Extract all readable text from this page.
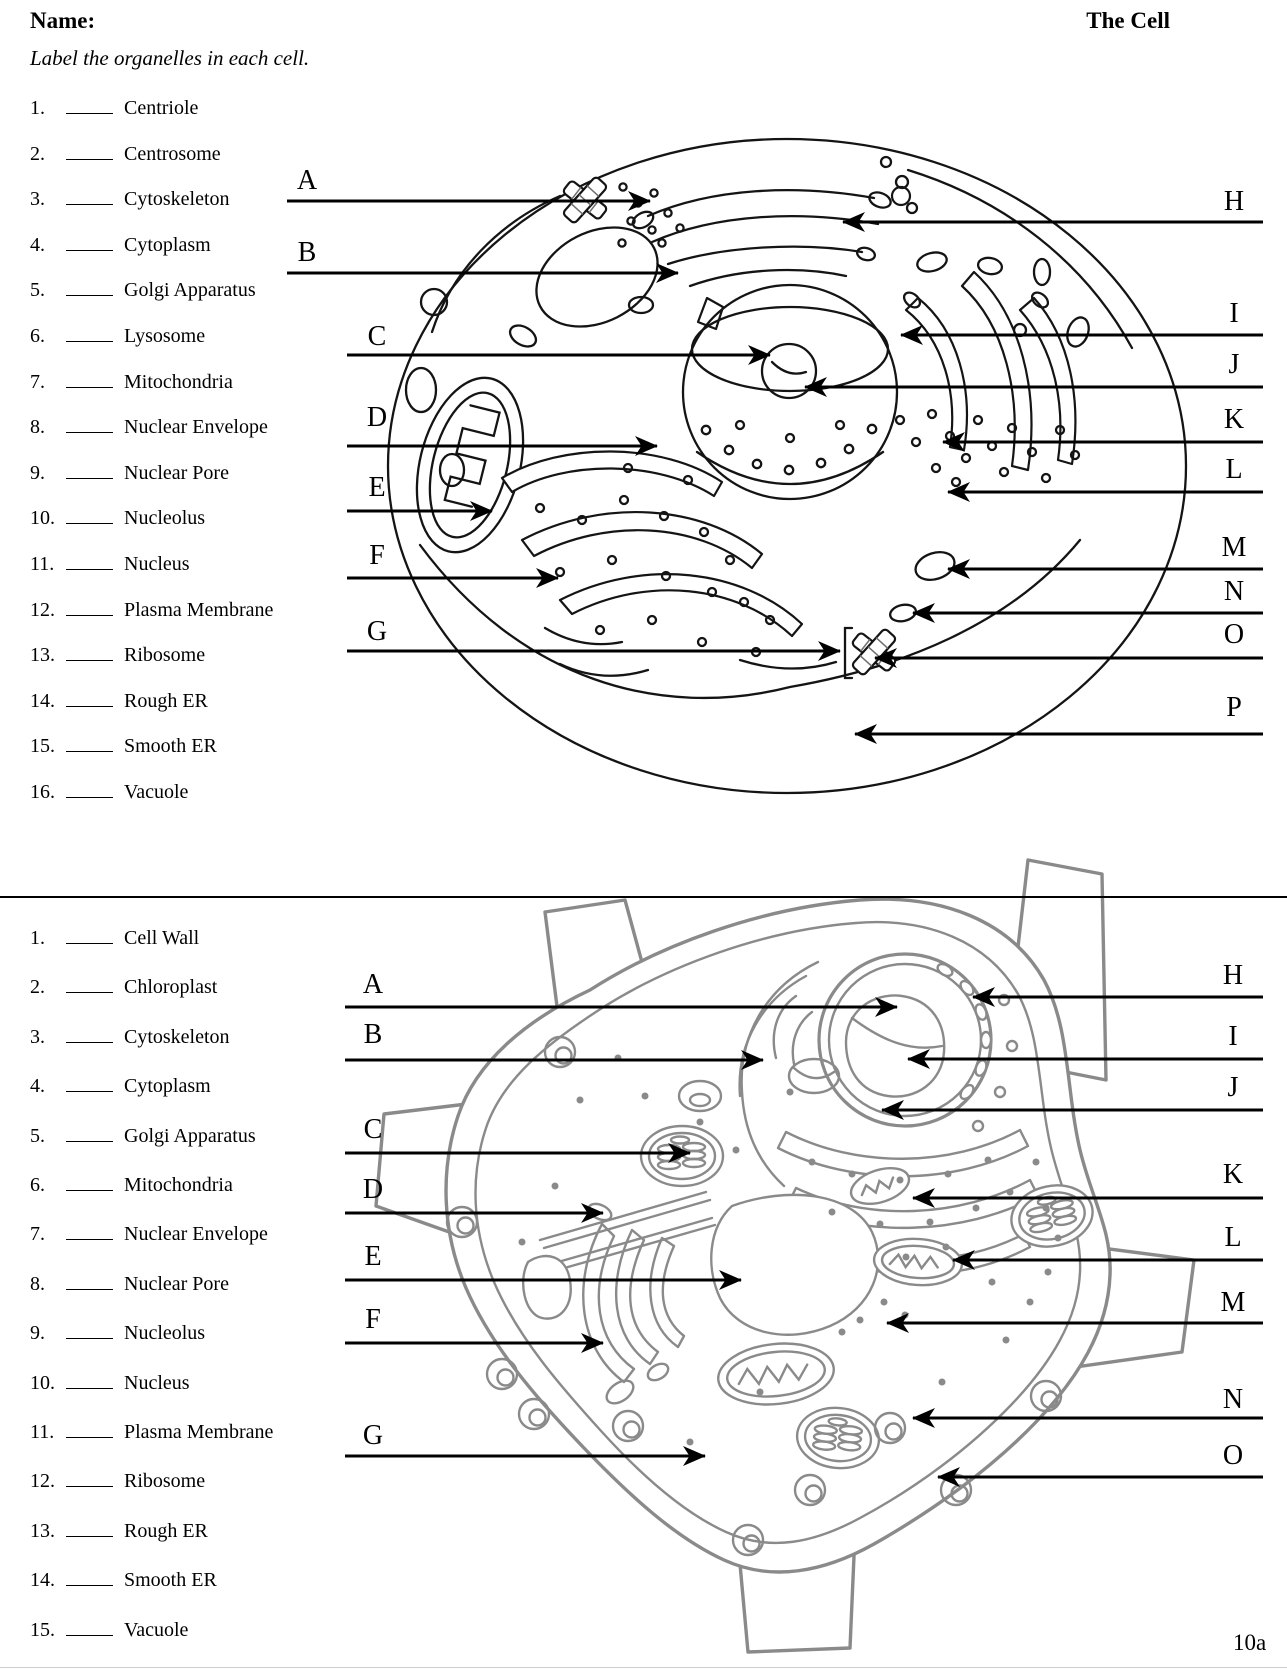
Name:	The Cell
Label the organelles in each cell.
1.	Centriole
2.	Centrosome
3.	Cytoskeleton
4.	Cytoplasm
5.	Golgi Apparatus
6.	Lysosome
7.	Mitochondria
8.	Nuclear Envelope
9.	Nuclear Pore
10.	Nucleolus
11.	Nucleus
12.	Plasma Membrane
13.	Ribosome
14.	Rough ER
15.	Smooth ER
16.	Vacuole
1.	Cell Wall
2.	Chloroplast
3.	Cytoskeleton
4.	Cytoplasm
5.	Golgi Apparatus
6.	Mitochondria
7.	Nuclear Envelope
8.	Nuclear Pore
9.	Nucleolus
10.	Nucleus
11.	Plasma Membrane
12.	Ribosome
13.	Rough ER
14.	Smooth ER
15.	Vacuole
A
B
C
D
E
F
G
H
I
J
K
L
M
N
O
P
A
B
C
D
E
F
G
H
I
J
K
L
M
N
O
10a
